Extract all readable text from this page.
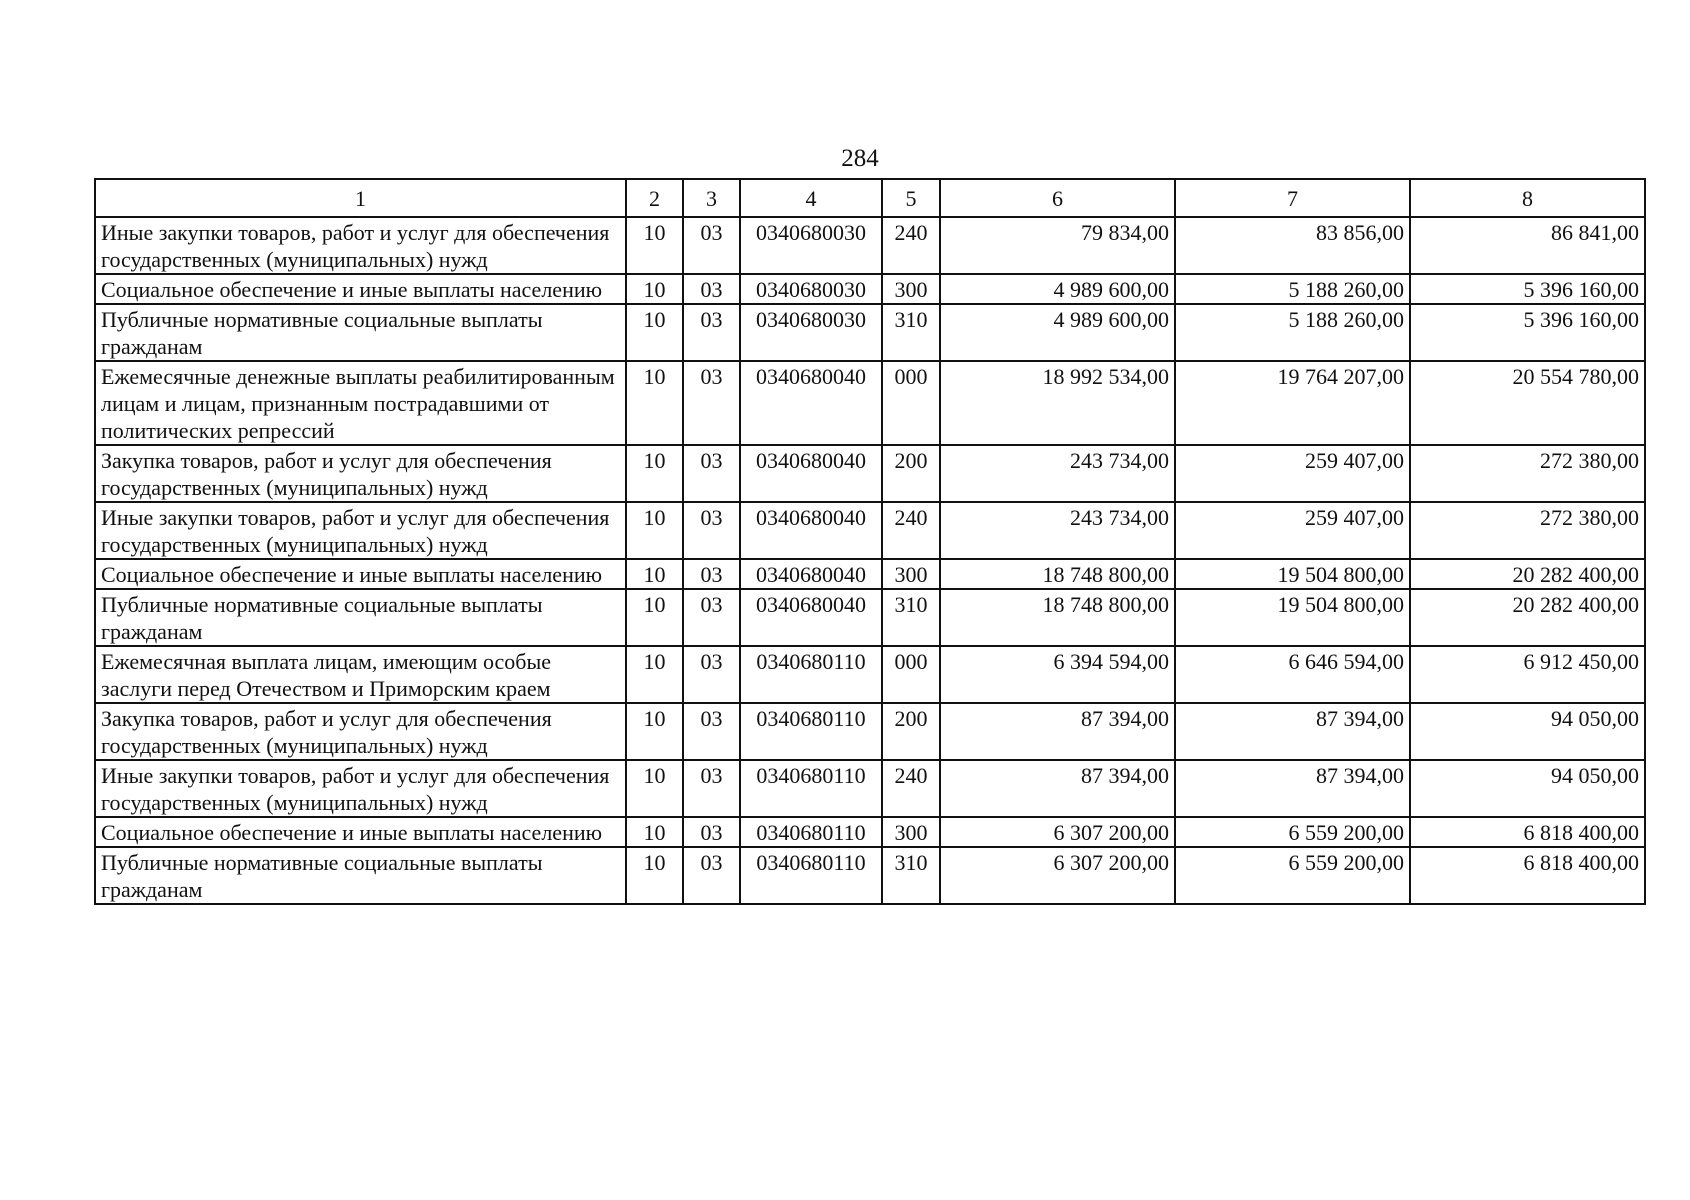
284
1	2	3	4	5	6	7	8
Иные закупки товаров, работ и услуг для обеспечения государственных (муниципальных) нужд	10	03	0340680030	240	79 834,00	83 856,00	86 841,00
Социальное обеспечение и иные выплаты населению	10	03	0340680030	300	4 989 600,00	5 188 260,00	5 396 160,00
Публичные нормативные социальные выплаты гражданам	10	03	0340680030	310	4 989 600,00	5 188 260,00	5 396 160,00
Ежемесячные денежные выплаты реабилитированным лицам и лицам, признанным пострадавшими от политических репрессий	10	03	0340680040	000	18 992 534,00	19 764 207,00	20 554 780,00
Закупка товаров, работ и услуг для обеспечения государственных (муниципальных) нужд	10	03	0340680040	200	243 734,00	259 407,00	272 380,00
Иные закупки товаров, работ и услуг для обеспечения государственных (муниципальных) нужд	10	03	0340680040	240	243 734,00	259 407,00	272 380,00
Социальное обеспечение и иные выплаты населению	10	03	0340680040	300	18 748 800,00	19 504 800,00	20 282 400,00
Публичные нормативные социальные выплаты гражданам	10	03	0340680040	310	18 748 800,00	19 504 800,00	20 282 400,00
Ежемесячная выплата лицам, имеющим особые заслуги перед Отечеством и Приморским краем	10	03	0340680110	000	6 394 594,00	6 646 594,00	6 912 450,00
Закупка товаров, работ и услуг для обеспечения государственных (муниципальных) нужд	10	03	0340680110	200	87 394,00	87 394,00	94 050,00
Иные закупки товаров, работ и услуг для обеспечения государственных (муниципальных) нужд	10	03	0340680110	240	87 394,00	87 394,00	94 050,00
Социальное обеспечение и иные выплаты населению	10	03	0340680110	300	6 307 200,00	6 559 200,00	6 818 400,00
Публичные нормативные социальные выплаты гражданам	10	03	0340680110	310	6 307 200,00	6 559 200,00	6 818 400,00
